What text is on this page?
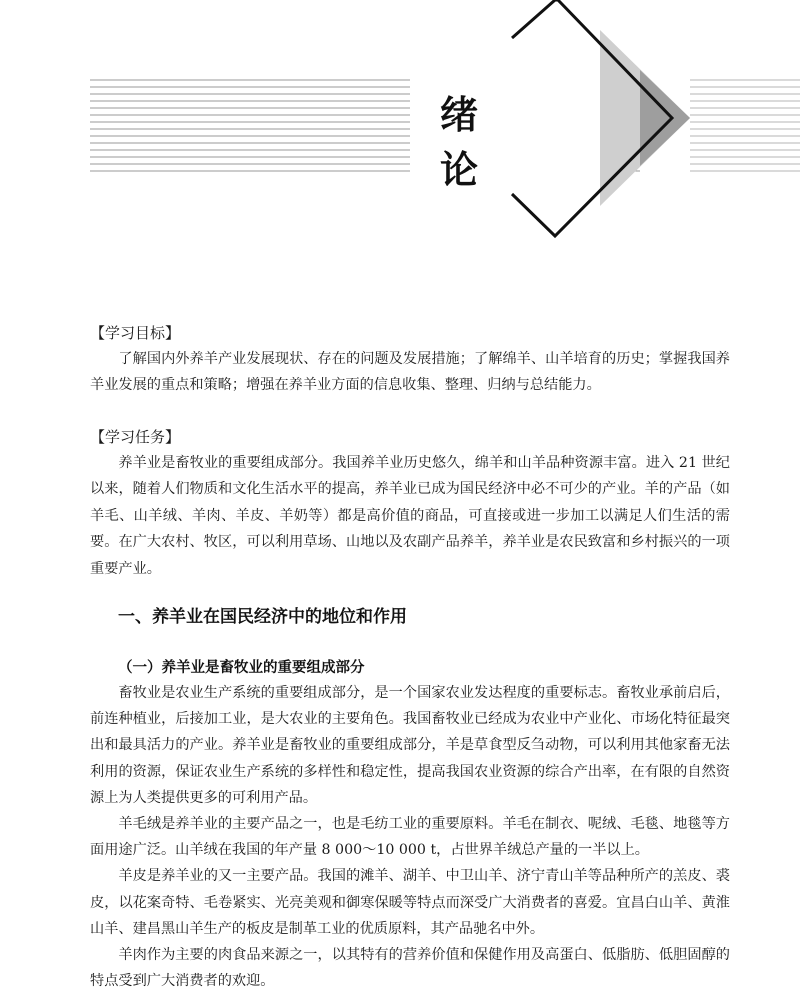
绪 论
【学习目标】

了解国内外养羊产业发展现状、存在的问题及发展措施；了解绵羊、山羊培育的历史；掌握我国养羊业发展的重点和策略；增强在养羊业方面的信息收集、整理、归纳与总结能力。

【学习任务】

养羊业是畜牧业的重要组成部分。我国养羊业历史悠久，绵羊和山羊品种资源丰富。进入 21 世纪以来，随着人们物质和文化生活水平的提高，养羊业已成为国民经济中必不可少的产业。羊的产品（如羊毛、山羊绒、羊肉、羊皮、羊奶等）都是高价值的商品，可直接或进一步加工以满足人们生活的需要。在广大农村、牧区，可以利用草场、山地以及农副产品养羊，养羊业是农民致富和乡村振兴的一项重要产业。

一、养羊业在国民经济中的地位和作用
（一）养羊业是畜牧业的重要组成部分

畜牧业是农业生产系统的重要组成部分，是一个国家农业发达程度的重要标志。畜牧业承前启后，前连种植业，后接加工业，是大农业的主要角色。我国畜牧业已经成为农业中产业化、市场化特征最突出和最具活力的产业。养羊业是畜牧业的重要组成部分，羊是草食型反刍动物，可以利用其他家畜无法利用的资源，保证农业生产系统的多样性和稳定性，提高我国农业资源的综合产出率，在有限的自然资源上为人类提供更多的可利用产品。

羊毛绒是养羊业的主要产品之一，也是毛纺工业的重要原料。羊毛在制衣、呢绒、毛毯、地毯等方面用途广泛。山羊绒在我国的年产量 8 000～10 000 t，占世界羊绒总产量的一半以上。

羊皮是养羊业的又一主要产品。我国的滩羊、湖羊、中卫山羊、济宁青山羊等品种所产的羔皮、裘皮，以花案奇特、毛卷紧实、光亮美观和御寒保暖等特点而深受广大消费者的喜爱。宜昌白山羊、黄淮山羊、建昌黑山羊生产的板皮是制革工业的优质原料，其产品驰名中外。

羊肉作为主要的肉食品来源之一，以其特有的营养价值和保健作用及高蛋白、低脂肪、低胆固醇的特点受到广大消费者的欢迎。
